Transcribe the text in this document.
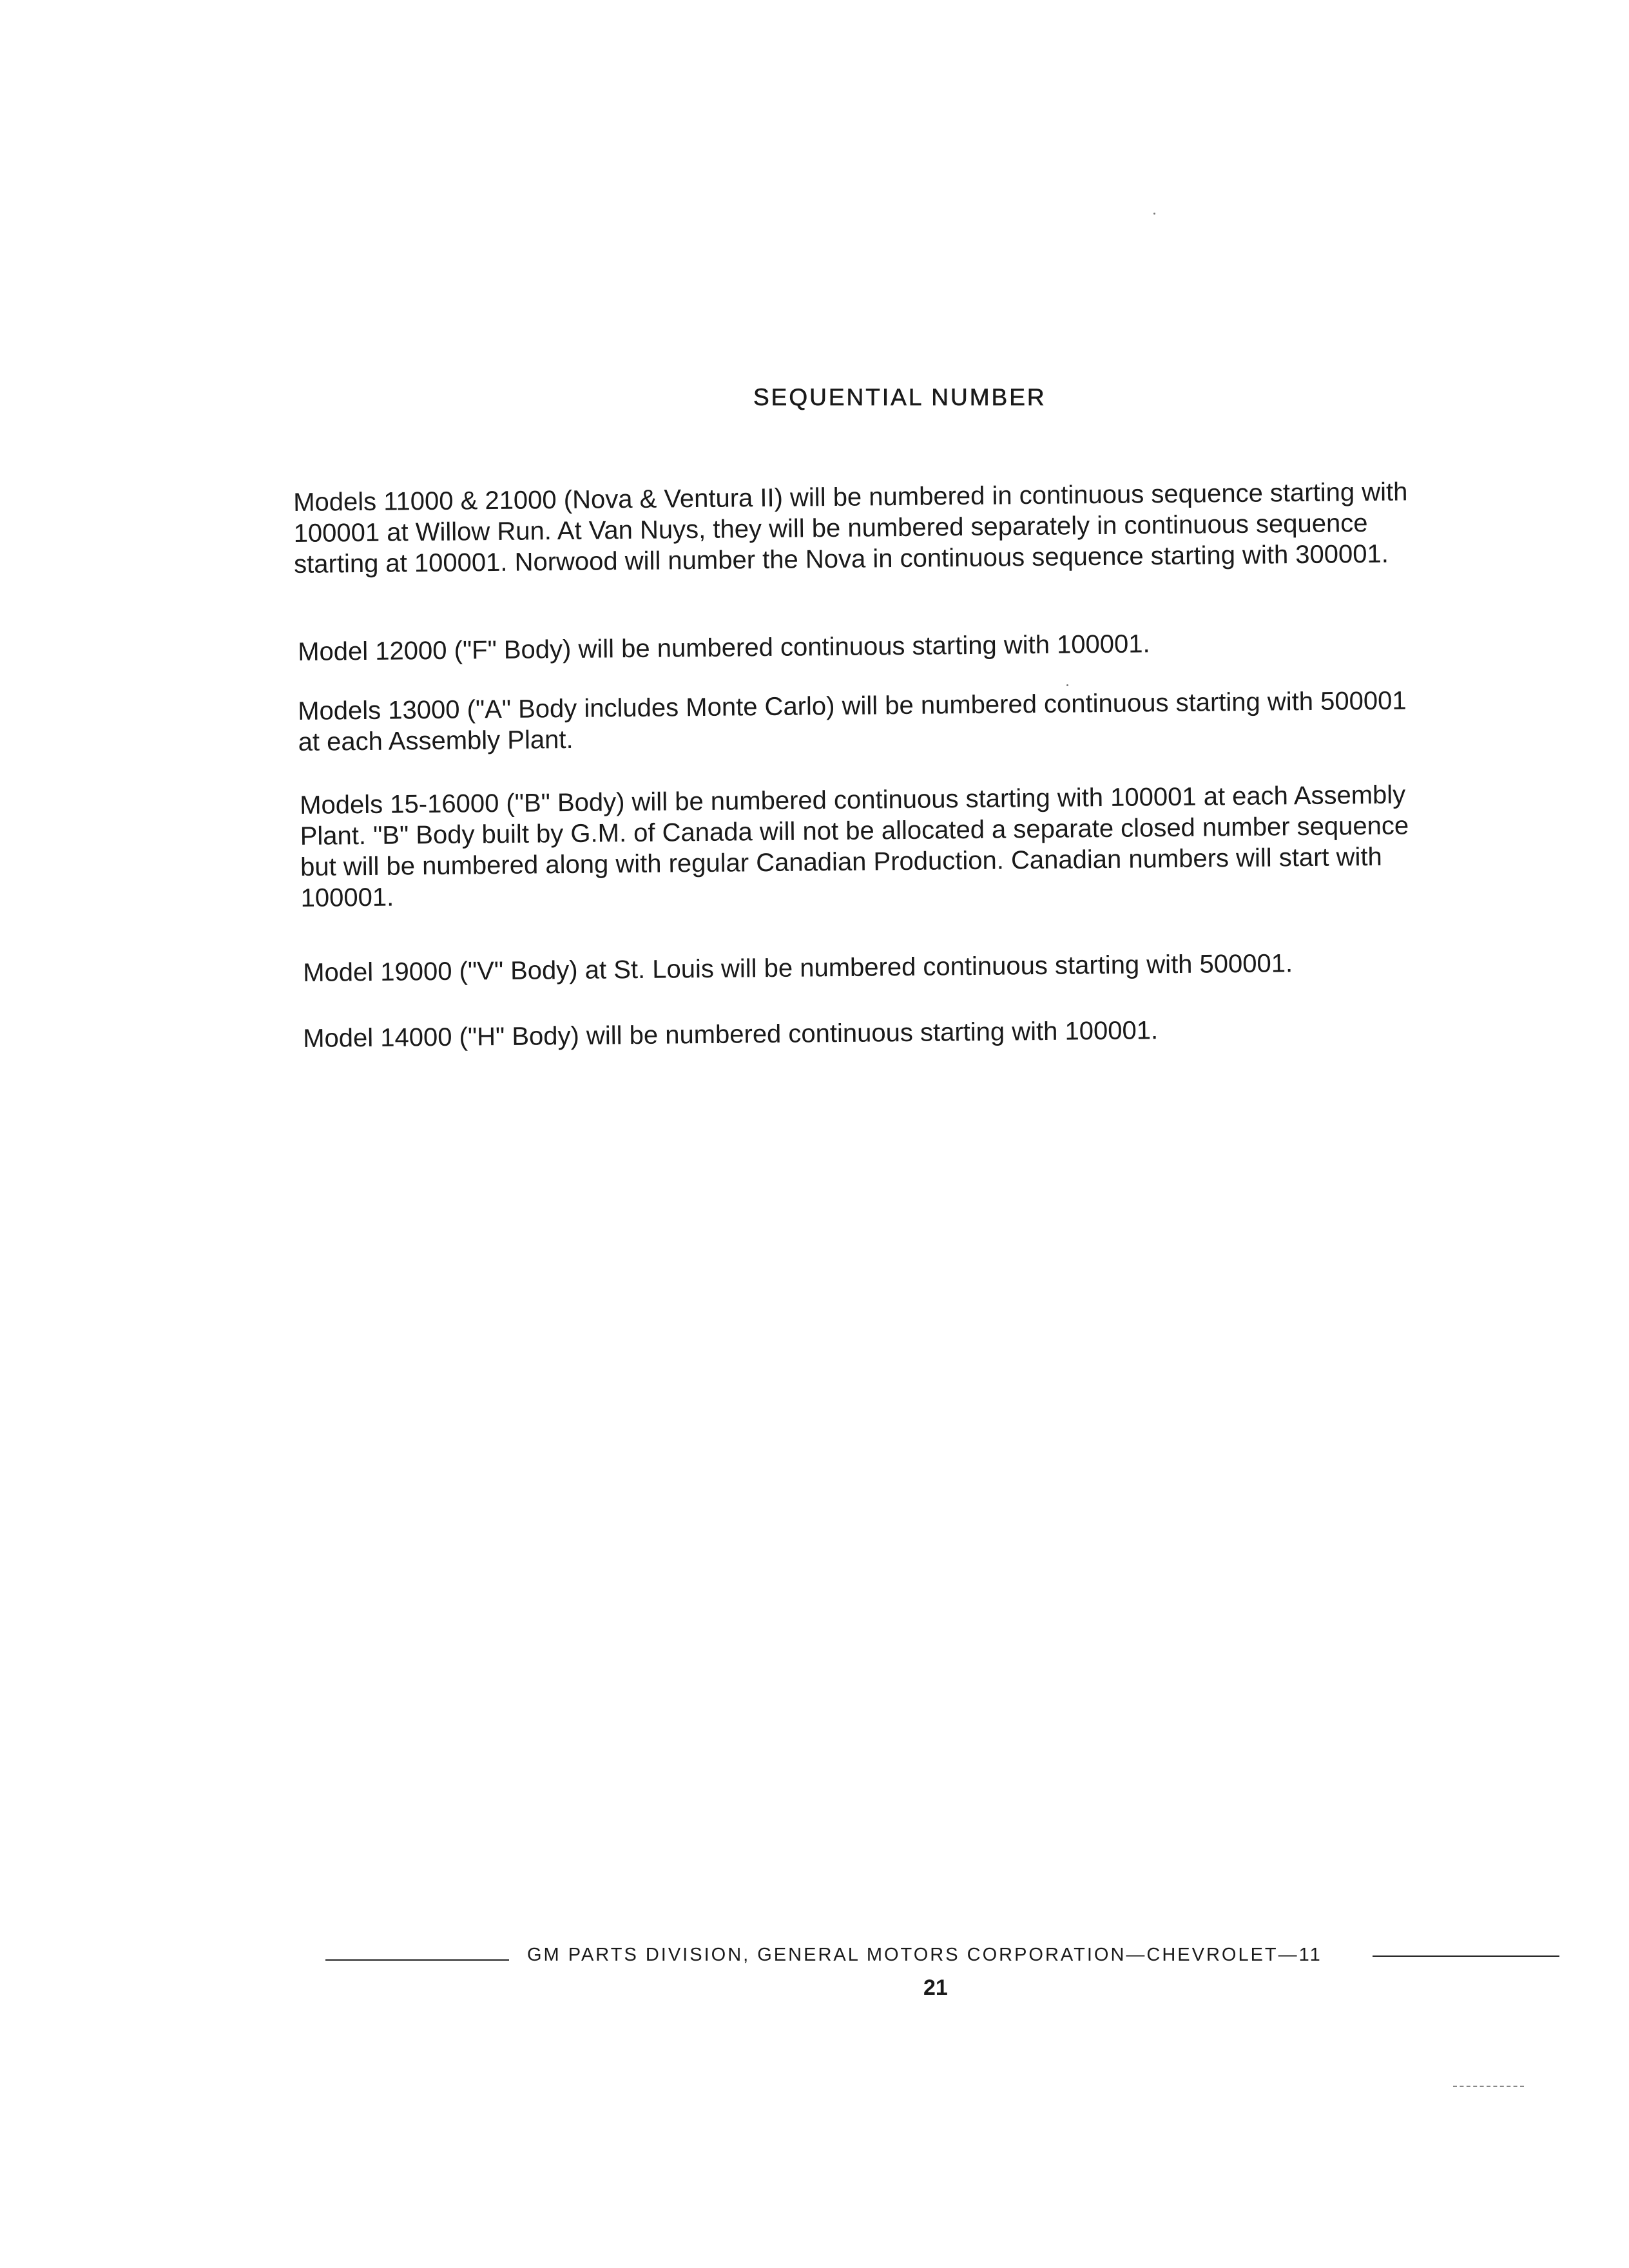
SEQUENTIAL NUMBER

Models 11000 & 21000 (Nova & Ventura II) will be numbered in continuous sequence starting with
100001 at Willow Run. At Van Nuys, they will be numbered separately in continuous sequence
starting at 100001. Norwood will number the Nova in continuous sequence starting with 300001.

Model 12000 ("F" Body) will be numbered continuous starting with 100001.

Models 13000 ("A" Body includes Monte Carlo) will be numbered continuous starting with 500001
at each Assembly Plant.

Models 15-16000 ("B" Body) will be numbered continuous starting with 100001 at each Assembly
Plant. "B" Body built by G.M. of Canada will not be allocated a separate closed number sequence
but will be numbered along with regular Canadian Production. Canadian numbers will start with
100001.

Model 19000 ("V" Body) at St. Louis will be numbered continuous starting with 500001.

Model 14000 ("H" Body) will be numbered continuous starting with 100001.

GM PARTS DIVISION, GENERAL MOTORS CORPORATION—CHEVROLET—11
21
